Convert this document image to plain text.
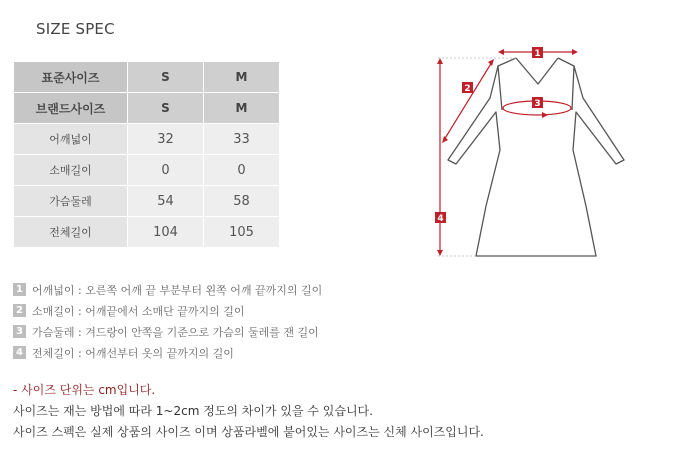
SIZE SPEC
표준사이즈	S	M
브랜드사이즈	S	M
어깨넓이	32	33
소매길이	0	0
가슴둘레	54	58
전체길이	104	105
1 어깨넓이 : 오른쪽 어깨 끝 부분부터 왼쪽 어깨 끝까지의 길이
2 소매길이 : 어깨끝에서 소매단 끝까지의 길이
3 가슴둘레 : 겨드랑이 안쪽을 기준으로 가슴의 둘레를 잰 길이
4 전체길이 : 어깨선부터 옷의 끝까지의 길이
- 사이즈 단위는 cm입니다.
사이즈는 재는 방법에 따라 1~2cm 정도의 차이가 있을 수 있습니다.
사이즈 스펙은 실제 상품의 사이즈 이며 상품라벨에 붙어있는 사이즈는 신체 사이즈입니다.
1
2
3
4
